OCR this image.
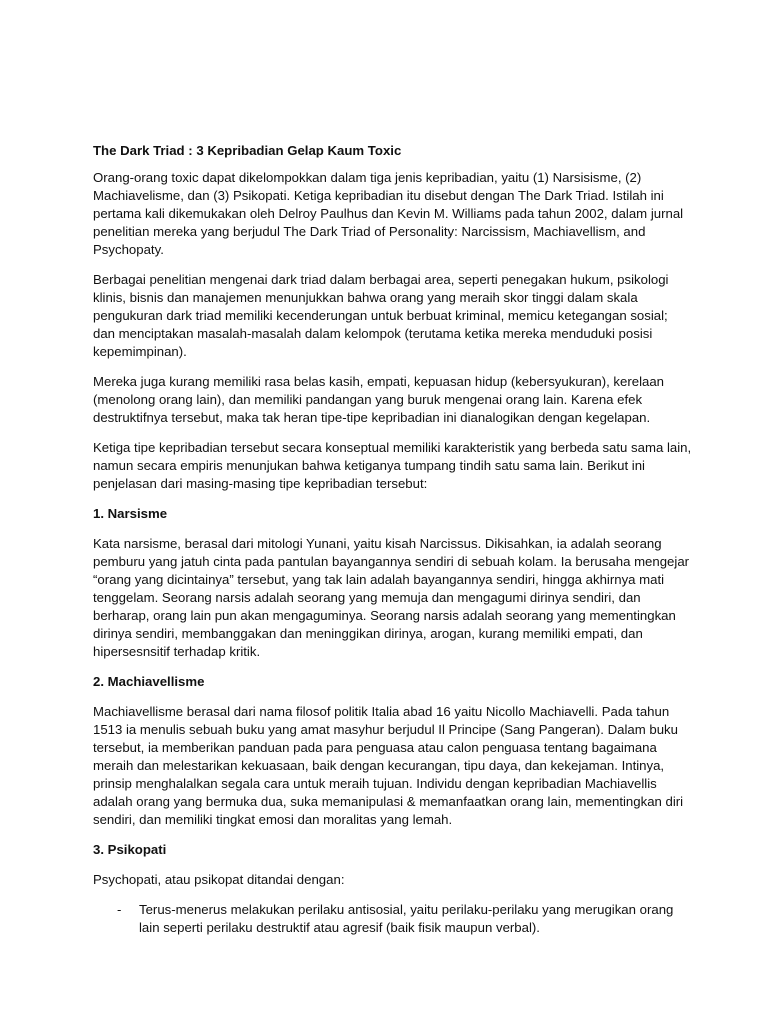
The Dark Triad : 3 Kepribadian Gelap Kaum Toxic

Orang-orang toxic dapat dikelompokkan dalam tiga jenis kepribadian, yaitu (1) Narsisisme, (2) Machiavelisme, dan (3) Psikopati. Ketiga kepribadian itu disebut dengan The Dark Triad. Istilah ini pertama kali dikemukakan oleh Delroy Paulhus dan Kevin M. Williams pada tahun 2002, dalam jurnal penelitian mereka yang berjudul The Dark Triad of Personality: Narcissism, Machiavellism, and Psychopaty.

Berbagai penelitian mengenai dark triad dalam berbagai area, seperti penegakan hukum, psikologi klinis, bisnis dan manajemen menunjukkan bahwa orang yang meraih skor tinggi dalam skala pengukuran dark triad memiliki kecenderungan untuk berbuat kriminal, memicu ketegangan sosial; dan menciptakan masalah-masalah dalam kelompok (terutama ketika mereka menduduki posisi kepemimpinan).

Mereka juga kurang memiliki rasa belas kasih, empati, kepuasan hidup (kebersyukuran), kerelaan (menolong orang lain), dan memiliki pandangan yang buruk mengenai orang lain. Karena efek destruktifnya tersebut, maka tak heran tipe-tipe kepribadian ini dianalogikan dengan kegelapan.

Ketiga tipe kepribadian tersebut secara konseptual memiliki karakteristik yang berbeda satu sama lain, namun secara empiris menunjukan bahwa ketiganya tumpang tindih satu sama lain. Berikut ini penjelasan dari masing-masing tipe kepribadian tersebut:

1. Narsisme

Kata narsisme, berasal dari mitologi Yunani, yaitu kisah Narcissus. Dikisahkan, ia adalah seorang pemburu yang jatuh cinta pada pantulan bayangannya sendiri di sebuah kolam. Ia berusaha mengejar “orang yang dicintainya” tersebut, yang tak lain adalah bayangannya sendiri, hingga akhirnya mati tenggelam. Seorang narsis adalah seorang yang memuja dan mengagumi dirinya sendiri, dan berharap, orang lain pun akan mengaguminya. Seorang narsis adalah seorang yang mementingkan dirinya sendiri, membanggakan dan meninggikan dirinya, arogan, kurang memiliki empati, dan hipersesnsitif terhadap kritik.

2. Machiavellisme

Machiavellisme berasal dari nama filosof politik Italia abad 16 yaitu Nicollo Machiavelli. Pada tahun 1513 ia menulis sebuah buku yang amat masyhur berjudul Il Principe (Sang Pangeran). Dalam buku tersebut, ia memberikan panduan pada para penguasa atau calon penguasa tentang bagaimana meraih dan melestarikan kekuasaan, baik dengan kecurangan, tipu daya, dan kekejaman. Intinya, prinsip menghalalkan segala cara untuk meraih tujuan. Individu dengan kepribadian Machiavellis adalah orang yang bermuka dua, suka memanipulasi & memanfaatkan orang lain, mementingkan diri sendiri, dan memiliki tingkat emosi dan moralitas yang lemah.

3. Psikopati

Psychopati, atau psikopat ditandai dengan:

-	Terus-menerus melakukan perilaku antisosial, yaitu perilaku-perilaku yang merugikan orang lain seperti perilaku destruktif atau agresif (baik fisik maupun verbal).
